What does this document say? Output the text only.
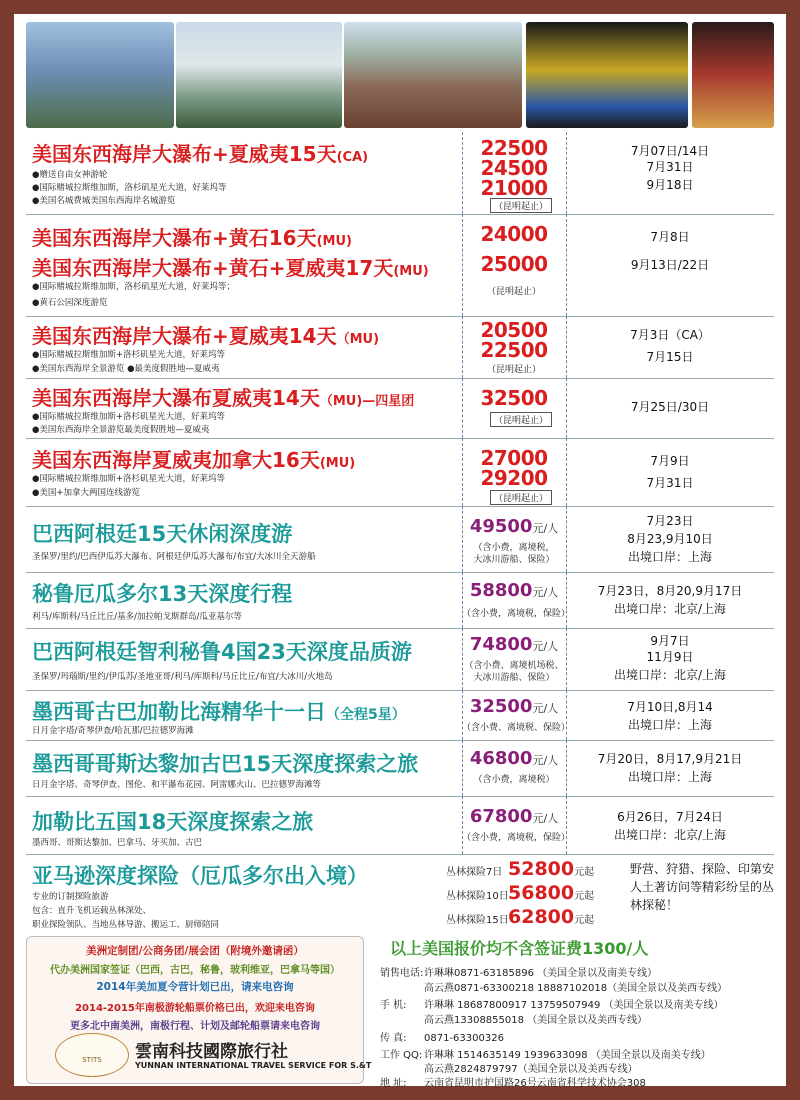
美国东西海岸大瀑布+夏威夷15天(CA)
●赠送自由女神游轮
●国际赌城拉斯维加斯，洛杉矶星光大道，好莱坞等
●美国名城费城美国东西海岸名城游览
22500
24500
21000
（昆明起止）
7月07日/14日
7月31日
9月18日
美国东西海岸大瀑布+黄石16天(MU)
美国东西海岸大瀑布+黄石+夏威夷17天(MU)
●国际赌城拉斯维加斯，洛杉矶星光大道，好莱坞等；
●黄石公园深度游览
24000
25000
（昆明起止）
7月8日
9月13日/22日
美国东西海岸大瀑布+夏威夷14天（MU)
●国际赌城拉斯维加斯+洛杉矶星光大道，好莱坞等
●美国东西海岸全景游览 ●最美度假胜地—夏威夷
20500
22500
（昆明起止）
7月3日（CA）
7月15日
美国东西海岸大瀑布夏威夷14天（MU)—四星团
●国际赌城拉斯维加斯+洛杉矶星光大道，好莱坞等
●美国东西海岸全景游览最美度假胜地—夏威夷
32500
（昆明起止）
7月25日/30日
美国东西海岸夏威夷加拿大16天(MU)
●国际赌城拉斯维加斯+洛杉矶星光大道，好莱坞等
●美国+加拿大两国连线游览
27000
29200
（昆明起止）
7月9日
7月31日
巴西阿根廷15天休闲深度游
圣保罗/里约/巴西伊瓜苏大瀑布、阿根廷伊瓜苏大瀑布/布宜/大冰川全天游船
49500元/人
（含小费，离境税，
大冰川游船、保险）
7月23日
8月23,9月10日
出境口岸：上海
秘鲁厄瓜多尔13天深度行程
利马/库斯科/马丘比丘/基多/加拉帕戈斯群岛/瓜亚基尔等
58800元/人
（含小费，离境税，保险）
7月23日，8月20,9月17日
出境口岸：北京/上海
巴西阿根廷智利秘鲁4国23天深度品质游
圣保罗/玛瑙斯/里约/伊瓜苏/圣地亚哥/利马/库斯科/马丘比丘/布宜/大冰川/火地岛
74800元/人
（含小费、离境机场税、
大冰川游船、保险）
9月7日
11月9日
出境口岸：北京/上海
墨西哥古巴加勒比海精华十一日（全程5星）
日月金字塔/奇琴伊查/哈瓦那/巴拉德罗海滩
32500元/人
（含小费、离境税、保险）
7月10日,8月14
出境口岸：上海
墨西哥哥斯达黎加古巴15天深度探索之旅
日月金字塔、奇琴伊查、图伦、和平瀑布花园、阿雷娜火山、巴拉德罗海滩等
46800元/人
（含小费，离境税）
7月20日，8月17,9月21日
出境口岸：上海
加勒比五国18天深度探索之旅
墨西哥、哥斯达黎加、巴拿马、牙买加、古巴
67800元/人
（含小费，离境税，保险）
6月26日，7月24日
出境口岸：北京/上海
亚马逊深度探险（厄瓜多尔出入境）
专业的订制探险旅游
包含：直升飞机运载丛林深处、
职业探险领队、当地丛林导游、搬运工、厨师陪同
丛林探险7日 52800元起
丛林探险10日56800元起
丛林探险15日62800元起
野营、狩猎、探险、印第安
人土著访问等精彩纷呈的丛
林探秘！
美洲定制团/公商务团/展会团（附境外邀请函）
代办美洲国家签证（巴西，古巴，秘鲁，玻利维亚，巴拿马等国）
2014年美加夏令营计划已出，请来电咨询
2014-2015年南极游轮船票价格已出，欢迎来电咨询
更多北中南美洲，南极行程、计划及邮轮船票请来电咨询
STITS	雲南科技國際旅行社
YUNNAN INTERNATIONAL TRAVEL SERVICE FOR S.&T
以上美国报价均不含签证费1300/人
销售电话:许琳琳0871-63185896 （美国全景以及南美专线）
高云燕0871-63300218 18887102018（美国全景以及美西专线）
手 机: 许琳琳 18687800917 13759507949 （美国全景以及南美专线）
高云燕13308855018 （美国全景以及美西专线）
传 真: 0871-63300326
工作 QQ: 许琳琳 1514635149 1939633098 （美国全景以及南美专线）
高云燕2824879797（美国全景以及美西专线）
地 址: 云南省昆明市护国路26号云南省科学技术协会308
